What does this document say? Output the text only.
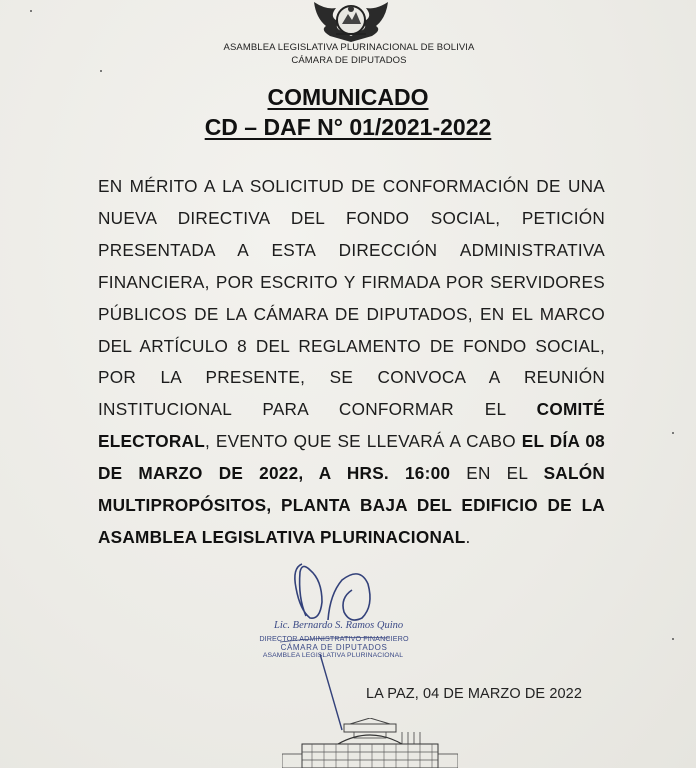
ASAMBLEA LEGISLATIVA PLURINACIONAL DE BOLIVIA
CÁMARA DE DIPUTADOS
COMUNICADO
CD – DAF N° 01/2021-2022
EN MÉRITO A LA SOLICITUD DE CONFORMACIÓN DE UNA NUEVA DIRECTIVA DEL FONDO SOCIAL, PETICIÓN PRESENTADA A ESTA DIRECCIÓN ADMINISTRATIVA FINANCIERA, POR ESCRITO Y FIRMADA POR SERVIDORES PÚBLICOS DE LA CÁMARA DE DIPUTADOS, EN EL MARCO DEL ARTÍCULO 8 DEL REGLAMENTO DE FONDO SOCIAL, POR LA PRESENTE, SE CONVOCA A REUNIÓN INSTITUCIONAL PARA CONFORMAR EL COMITÉ ELECTORAL, EVENTO QUE SE LLEVARÁ A CABO EL DÍA 08 DE MARZO DE 2022, A HRS. 16:00 EN EL SALÓN MULTIPROPÓSITOS, PLANTA BAJA DEL EDIFICIO DE LA ASAMBLEA LEGISLATIVA PLURINACIONAL.
Lic. Bernardo S. Ramos Quino
DIRECTOR ADMINISTRATIVO FINANCIERO
CÁMARA DE DIPUTADOS
ASAMBLEA LEGISLATIVA PLURINACIONAL
LA PAZ, 04 DE MARZO DE 2022
